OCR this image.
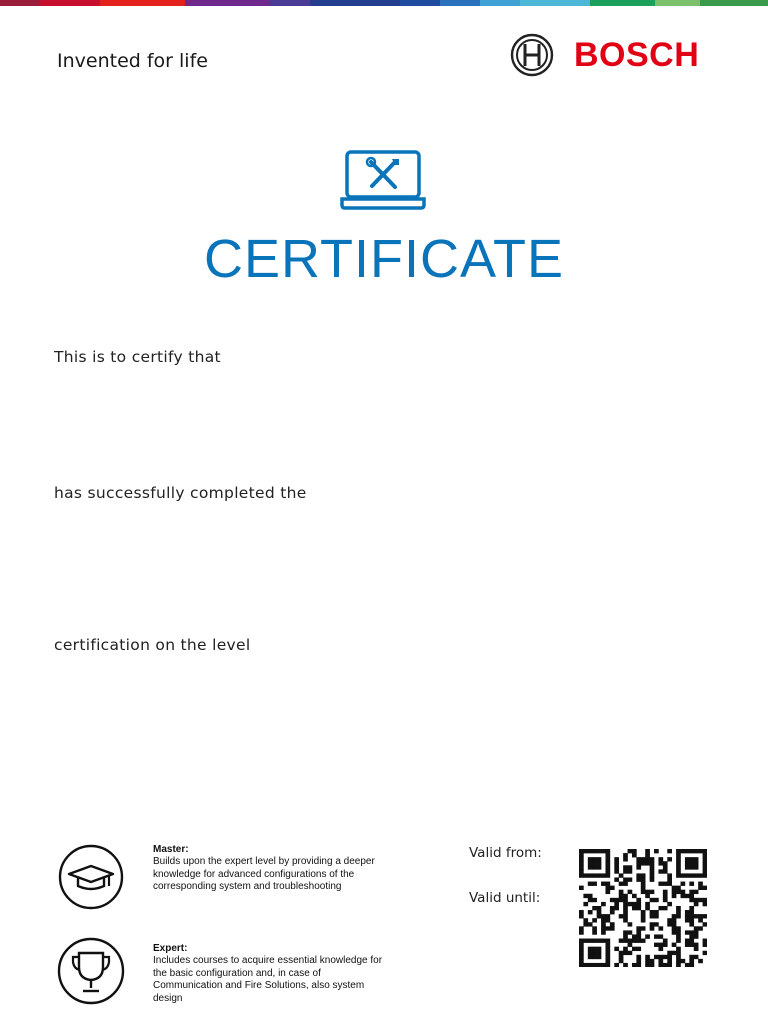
Invented for life	BOSCH
CERTIFICATE
This is to certify that
has successfully completed the
certification on the level
Master:
Builds upon the expert level by providing a deeper knowledge for advanced configurations of the corresponding system and troubleshooting
Expert:
Includes courses to acquire essential knowledge for the basic configuration and, in case of Communication and Fire Solutions, also system design
Valid from:
Valid until:
